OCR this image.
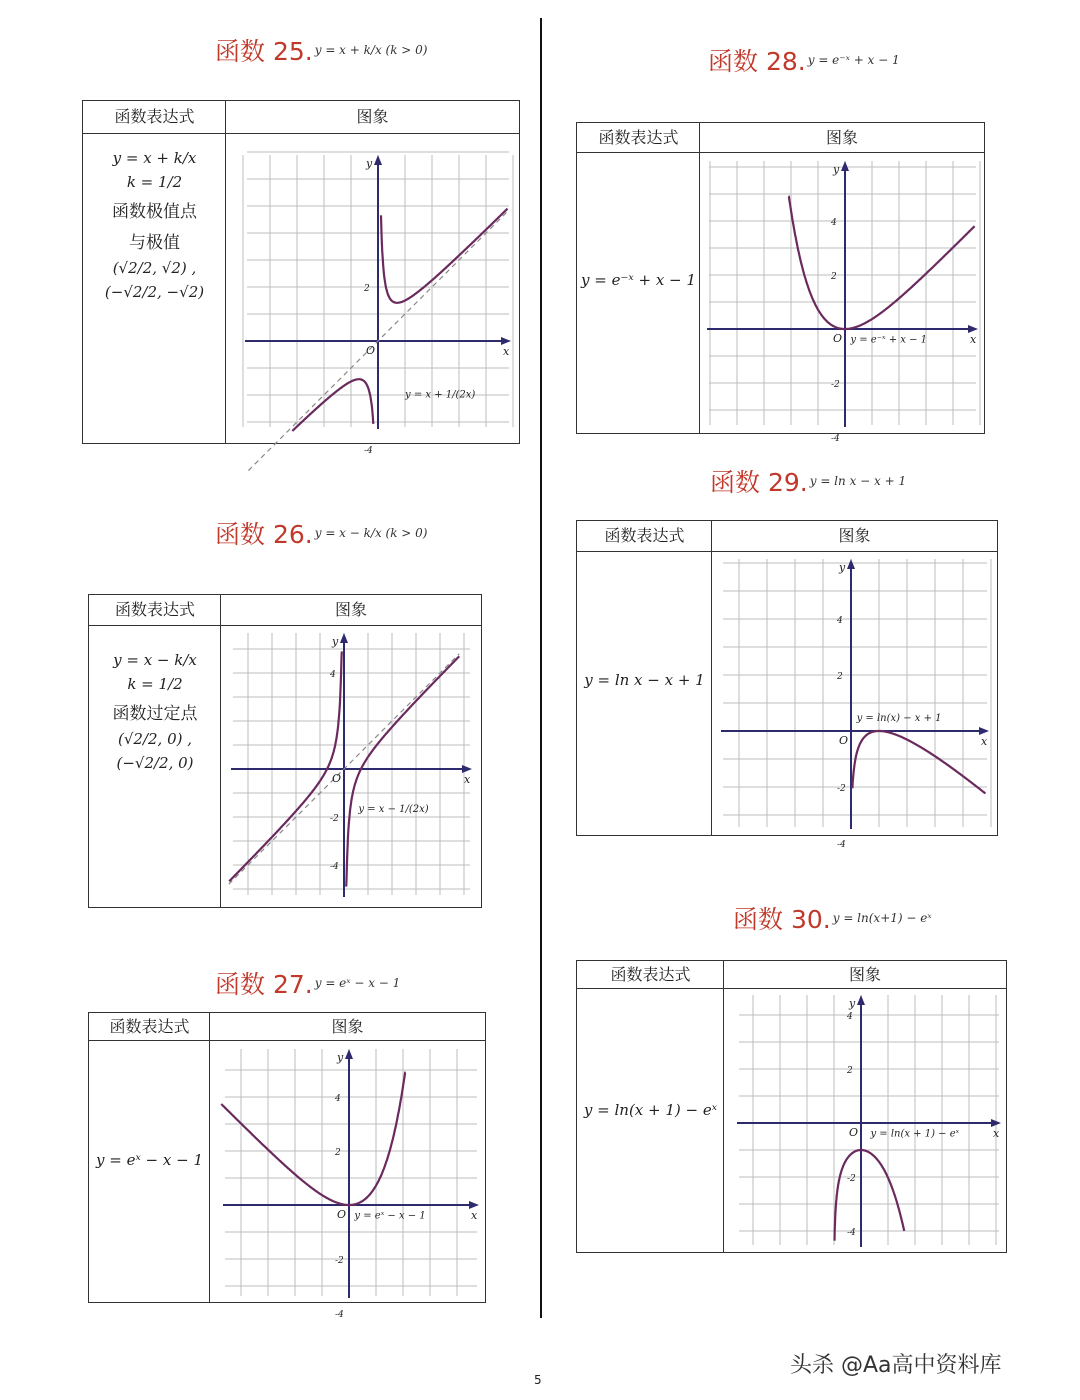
函数 25. y = x + k/x (k > 0)
函数表达式	图象
y = x + k/x
k = 1/2
函数极值点
与极值
(√2/2, √2) ,
(−√2/2, −√2)
x
y
O
2
-4
y = x + 1/(2x)
函数 26. y = x − k/x (k > 0)
函数表达式	图象
y = x − k/x
k = 1/2
函数过定点
(√2/2, 0) ,
(−√2/2, 0)
x
y
O
4
-2
-4
y = x − 1/(2x)
函数 27. y = eˣ − x − 1
函数表达式	图象
y = eˣ − x − 1
x
y
O
4
2
-2
-4
y = eˣ − x − 1
函数 28. y = e⁻ˣ + x − 1
函数表达式	图象
y = e⁻ˣ + x − 1
x
y
O
4
2
-2
-4
y = e⁻ˣ + x − 1
函数 29. y = ln x − x + 1
函数表达式	图象
y = ln x − x + 1
x
y
O
4
2
-2
-4
y = ln(x) − x + 1
函数 30. y = ln(x+1) − eˣ
函数表达式	图象
y = ln(x + 1) − eˣ
x
y
O
4
2
-2
-4
y = ln(x + 1) − eˣ
头杀 @Aa高中资料库
5
